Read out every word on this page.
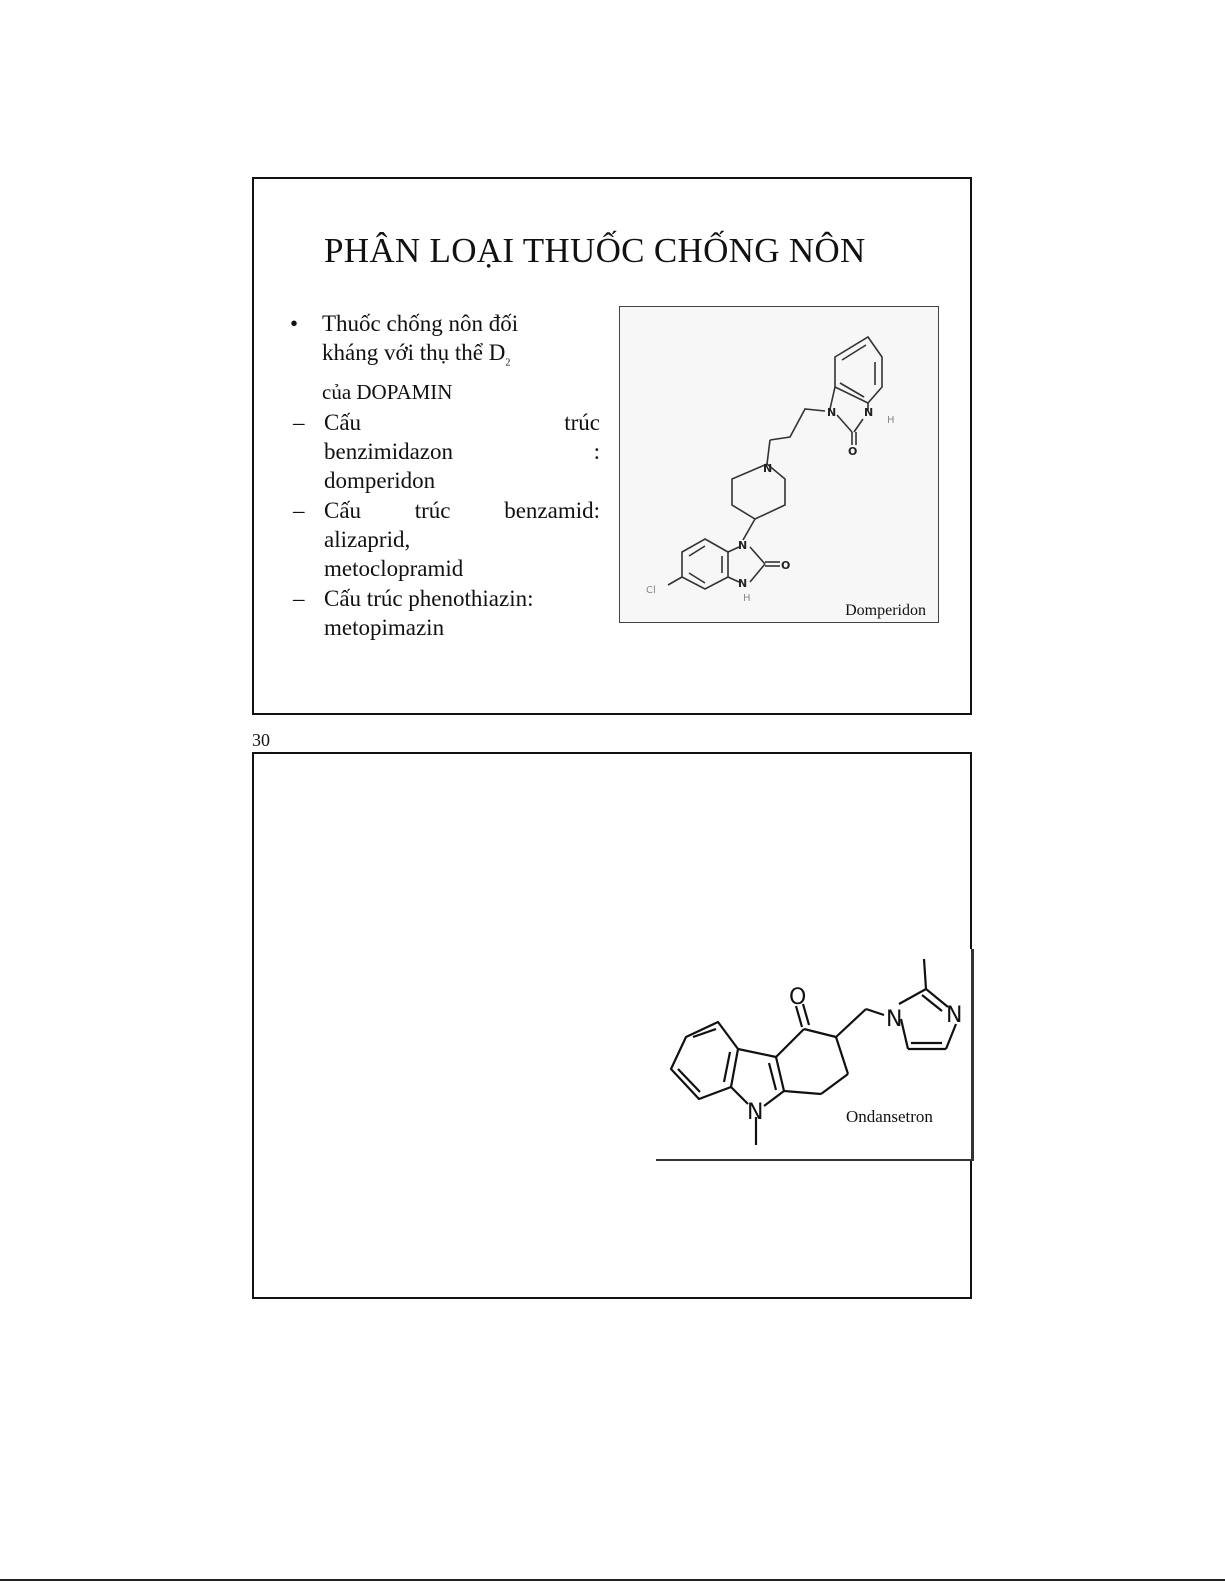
PHÂN LOẠI THUỐC CHỐNG NÔN
•	Thuốc chống nôn đối
kháng với thụ thể $D_2$
của DOPAMIN
– Cấu	trúc
benzimidazon	:
domperidon
– Cấu trúc benzamid:
alizaprid,
metoclopramid
– Cấu trúc phenothiazin:
metopimazin
N	N
O
N
N
N
O
H
H
Cl
Domperidon
30
O
N N
N	Ondansetron
